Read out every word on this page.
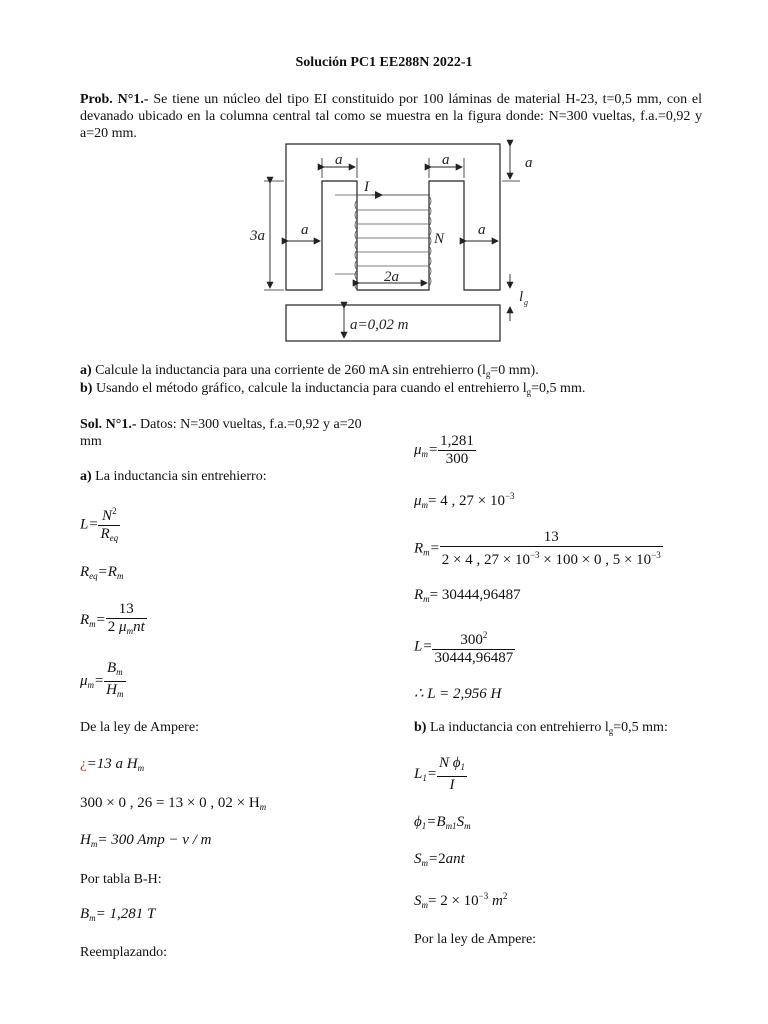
Solución PC1 EE288N 2022-1
Prob. N°1.- Se tiene un núcleo del tipo EI constituido por 100 láminas de material H-23, t=0,5 mm, con el devanado ubicado en la columna central tal como se muestra en la figura donde: N=300 vueltas, f.a.=0,92 y a=20 mm.
I
a	a	a
3a a	a
N
2a
l g
a=0,02 m
a) Calcule la inductancia para una corriente de 260 mA sin entrehierro ($l_g=0$ mm).
b) Usando el método gráfico, calcule la inductancia para cuando el entrehierro $l_g=0,5$ mm.
Sol. N°1.- Datos: N=300 vueltas, f.a.=0,92 y a=20
mm
a) La inductancia sin entrehierro:
$L= \frac{N^2}{R_{eq}}$
$R_{eq}=R_m$
$R_m= \frac{13}{2 \mu_mnt}$
$\mu_m= \frac{B_m}{H_m}$
De la ley de Ampere:
¿=13 a $H_m$
300 × 0 , 26 = 13 × 0 , $02 \times H_m$
$H_m= 300$ Amp − v / m
Por tabla B-H:
$B_m= 1,281$ T
Reemplazando:
$\mu_m= \frac{1,281}{300}$
$\mu_m= 4$ , $27 \times 10^{-3}$
$R_m= \frac{13}{2 \times 4 , 27 \times 10^{-3} \times 100 \times 0 , 5 \times 10^{-3}}$
$R_m= 30444,96487$
$L= \frac{300^2}{30444,96487}$
∴ L = 2,956 H
b) La inductancia con entrehierro $l_g=0,5$ mm:
$L_1= \frac{N \phi_1}{I}$
$\phi_1=B_{m1}S_m$
$S_m=2ant$
$S_m= 2 \times 10^{-3}$ $m^2$
Por la ley de Ampere:
